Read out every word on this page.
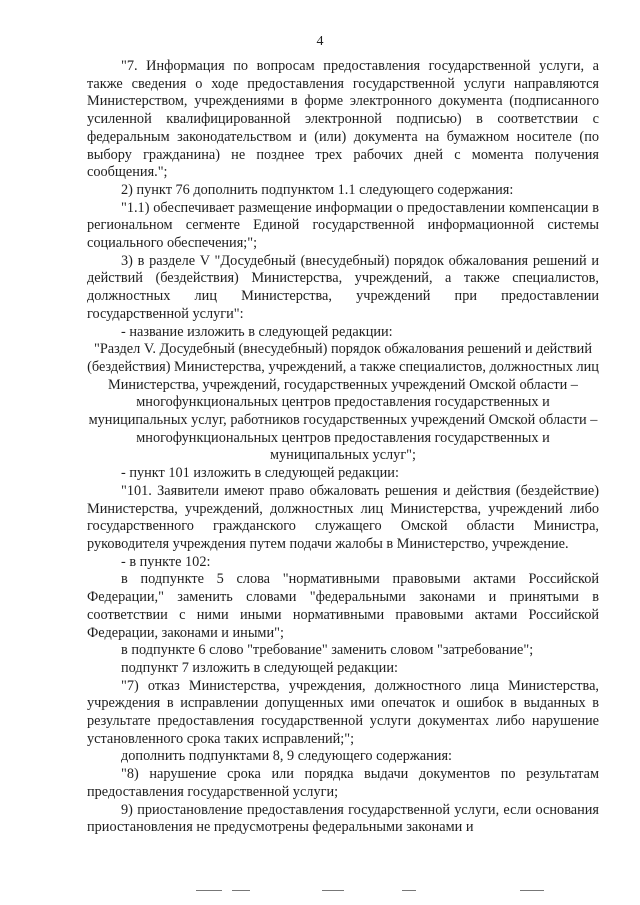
4

"7. Информация по вопросам предоставления государственной услуги, а также сведения о ходе предоставления государственной услуги направляются Министерством, учреждениями в форме электронного документа (подписанного усиленной квалифицированной электронной подписью) в соответствии с федеральным законодательством и (или) документа на бумажном носителе (по выбору гражданина) не позднее трех рабочих дней с момента получения сообщения.";

2) пункт 76 дополнить подпунктом 1.1 следующего содержания:

"1.1) обеспечивает размещение информации о предоставлении компенсации в региональном сегменте Единой государственной информационной системы социального обеспечения;";

3) в разделе V "Досудебный (внесудебный) порядок обжалования решений и действий (бездействия) Министерства, учреждений, а также специалистов, должностных лиц Министерства, учреждений при предоставлении государственной услуги":

- название изложить в следующей редакции:

"Раздел V. Досудебный (внесудебный) порядок обжалования решений и действий (бездействия) Министерства, учреждений, а также специалистов, должностных лиц Министерства, учреждений, государственных учреждений Омской области – многофункциональных центров предоставления государственных и муниципальных услуг, работников государственных учреждений Омской области – многофункциональных центров предоставления государственных и муниципальных услуг";

- пункт 101 изложить в следующей редакции:

"101. Заявители имеют право обжаловать решения и действия (бездействие) Министерства, учреждений, должностных лиц Министерства, учреждений либо государственного гражданского служащего Омской области Министра, руководителя учреждения путем подачи жалобы в Министерство, учреждение.

- в пункте 102:

в подпункте 5 слова "нормативными правовыми актами Российской Федерации," заменить словами "федеральными законами и принятыми в соответствии с ними иными нормативными правовыми актами Российской Федерации, законами и иными";

в подпункте 6 слово "требование" заменить словом "затребование";

подпункт 7 изложить в следующей редакции:

"7) отказ Министерства, учреждения, должностного лица Министерства, учреждения в исправлении допущенных ими опечаток и ошибок в выданных в результате предоставления государственной услуги документах либо нарушение установленного срока таких исправлений;";

дополнить подпунктами 8, 9 следующего содержания:

"8) нарушение срока или порядка выдачи документов по результатам предоставления государственной услуги;

9) приостановление предоставления государственной услуги, если основания приостановления не предусмотрены федеральными законами и
